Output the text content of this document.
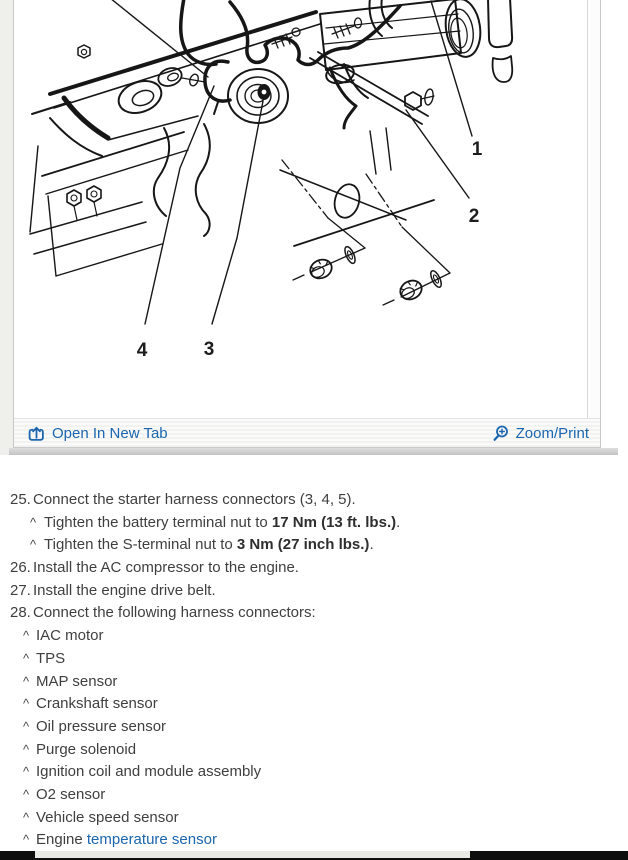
1
2
3
4
Open In New Tab	Zoom/Print
25. Connect the starter harness connectors (3, 4, 5).
^ Tighten the battery terminal nut to 17 Nm (13 ft. lbs.).
^ Tighten the S-terminal nut to 3 Nm (27 inch lbs.).
26. Install the AC compressor to the engine.
27. Install the engine drive belt.
28. Connect the following harness connectors:
^ IAC motor
^ TPS
^ MAP sensor
^ Crankshaft sensor
^ Oil pressure sensor
^ Purge solenoid
^ Ignition coil and module assembly
^ O2 sensor
^ Vehicle speed sensor
^ Engine temperature sensor
